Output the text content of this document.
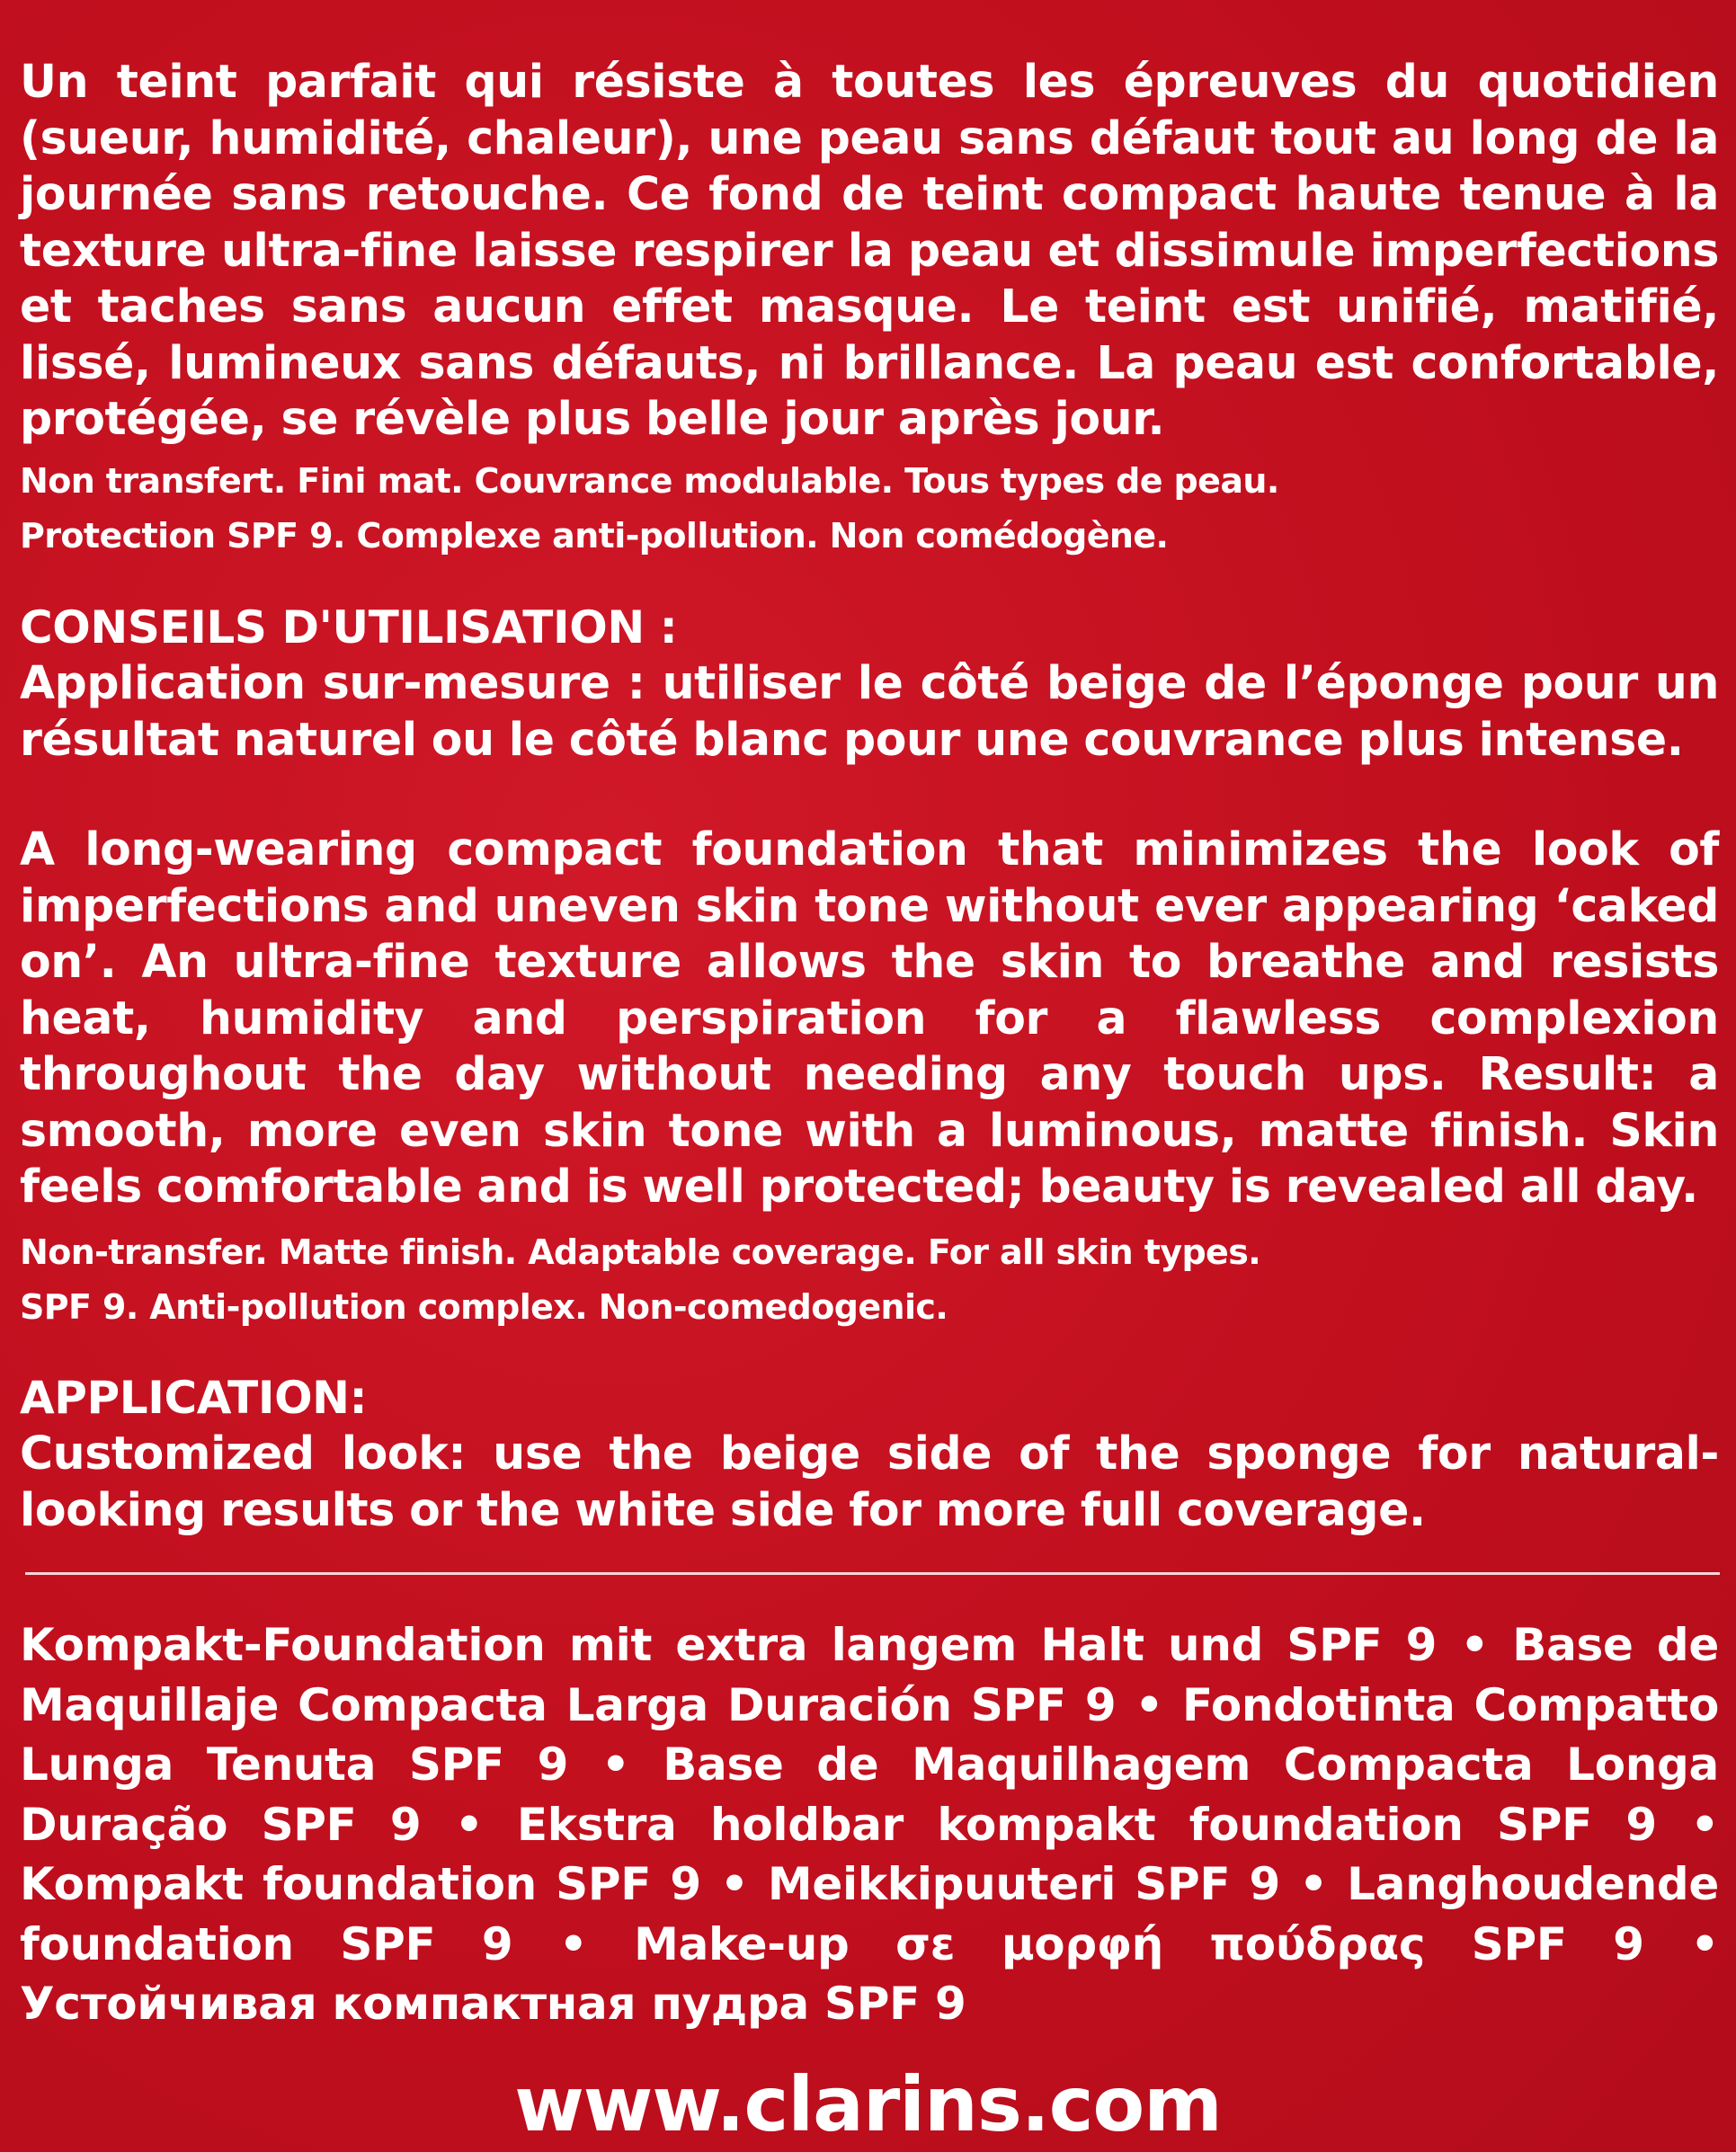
Un teint parfait qui résiste à toutes les épreuves du quotidien (sueur, humidité, chaleur), une peau sans défaut tout au long de la journée sans retouche. Ce fond de teint compact haute tenue à la texture ultra-fine laisse respirer la peau et dissimule imperfections et taches sans aucun effet masque. Le teint est unifié, matifié, lissé, lumineux sans défauts, ni brillance. La peau est confortable, protégée, se révèle plus belle jour après jour.

Non transfert. Fini mat. Couvrance modulable. Tous types de peau.
Protection SPF 9. Complexe anti-pollution. Non comédogène.
CONSEILS D'UTILISATION :

Application sur-mesure : utiliser le côté beige de l’éponge pour un résultat naturel ou le côté blanc pour une couvrance plus intense.

A long-wearing compact foundation that minimizes the look of imperfections and uneven skin tone without ever appearing ‘caked on’. An ultra-fine texture allows the skin to breathe and resists heat, humidity and perspiration for a flawless complexion throughout the day without needing any touch ups. Result: a smooth, more even skin tone with a luminous, matte finish. Skin feels comfortable and is well protected; beauty is revealed all day.

Non-transfer. Matte finish. Adaptable coverage. For all skin types.
SPF 9. Anti-pollution complex. Non-comedogenic.
APPLICATION:

Customized look: use the beige side of the sponge for natural-looking results or the white side for more full coverage.

Kompakt-Foundation mit extra langem Halt und SPF 9 • Base de Maquillaje Compacta Larga Duración SPF 9 • Fondotinta Compatto Lunga Tenuta SPF 9 • Base de Maquilhagem Compacta Longa Duração SPF 9 • Ekstra holdbar kompakt foundation SPF 9 • Kompakt foundation SPF 9 • Meikkipuuteri SPF 9 • Langhoudende foundation SPF 9 • Make-up σε μορφή πούδρας SPF 9 • Устойчивая компактная пудра SPF 9

www.clarins.com
